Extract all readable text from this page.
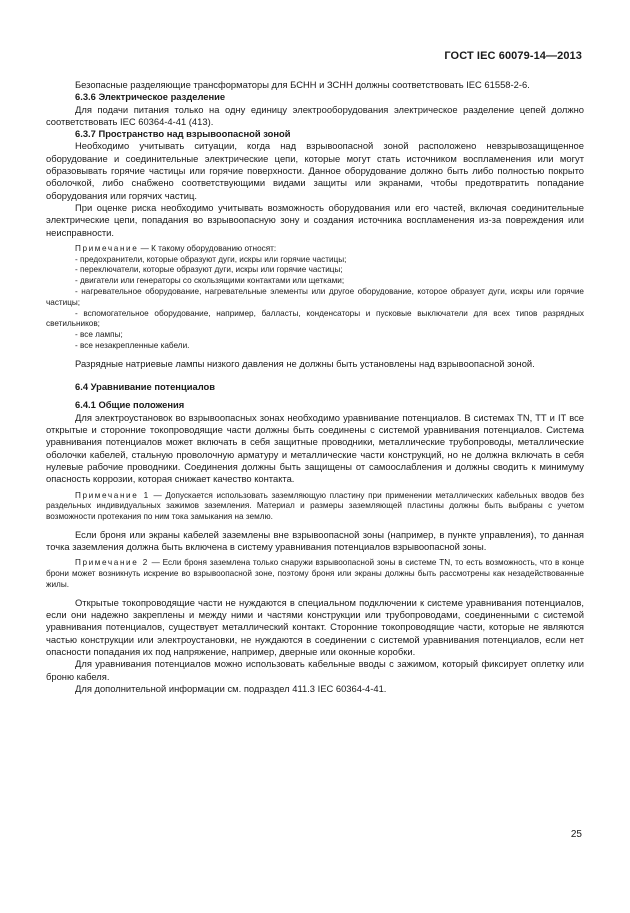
ГОСТ IEC 60079-14—2013

Безопасные разделяющие трансформаторы для БСНН и ЗСНН должны соответствовать IEC 61558-2-6.

6.3.6 Электрическое разделение

Для подачи питания только на одну единицу электрооборудования электрическое разделение цепей должно соответствовать IEC 60364-4-41 (413).

6.3.7 Пространство над взрывоопасной зоной

Необходимо учитывать ситуации, когда над взрывоопасной зоной расположено невзрывозащищенное оборудование и соединительные электрические цепи, которые могут стать источником воспламенения или могут образовывать горячие частицы или горячие поверхности. Данное оборудование должно быть либо полностью покрыто оболочкой, либо снабжено соответствующими видами защиты или экранами, чтобы предотвратить попадание оборудования или горячих частиц.

При оценке риска необходимо учитывать возможность оборудования или его частей, включая соединительные электрические цепи, попадания во взрывоопасную зону и создания источника воспламенения из-за повреждения или неисправности.

Примечание — К такому оборудованию относят:

- предохранители, которые образуют дуги, искры или горячие частицы;

- переключатели, которые образуют дуги, искры или горячие частицы;

- двигатели или генераторы со скользящими контактами или щетками;

- нагревательное оборудование, нагревательные элементы или другое оборудование, которое образует дуги, искры или горячие частицы;

- вспомогательное оборудование, например, балласты, конденсаторы и пусковые выключатели для всех типов разрядных светильников;

- все лампы;

- все незакрепленные кабели.

Разрядные натриевые лампы низкого давления не должны быть установлены над взрывоопасной зоной.

6.4 Уравнивание потенциалов

6.4.1 Общие положения

Для электроустановок во взрывоопасных зонах необходимо уравнивание потенциалов. В системах TN, TT и IT все открытые и сторонние токопроводящие части должны быть соединены с системой уравнивания потенциалов. Система уравнивания потенциалов может включать в себя защитные проводники, металлические трубопроводы, металлические оболочки кабелей, стальную проволочную арматуру и металлические части конструкций, но не должна включать в себя нулевые рабочие проводники. Соединения должны быть защищены от самоослабления и должны сводить к минимуму опасность коррозии, которая снижает качество контакта.

Примечание 1 — Допускается использовать заземляющую пластину при применении металлических кабельных вводов без раздельных индивидуальных зажимов заземления. Материал и размеры заземляющей пластины должны быть выбраны с учетом возможности протекания по ним тока замыкания на землю.

Если броня или экраны кабелей заземлены вне взрывоопасной зоны (например, в пункте управления), то данная точка заземления должна быть включена в систему уравнивания потенциалов взрывоопасной зоны.

Примечание 2 — Если броня заземлена только снаружи взрывоопасной зоны в системе TN, то есть возможность, что в конце брони может возникнуть искрение во взрывоопасной зоне, поэтому броня или экраны должны быть рассмотрены как незадействованные жилы.

Открытые токопроводящие части не нуждаются в специальном подключении к системе уравнивания потенциалов, если они надежно закреплены и между ними и частями конструкции или трубопроводами, соединенными с системой уравнивания потенциалов, существует металлический контакт. Сторонние токопроводящие части, которые не являются частью конструкции или электроустановки, не нуждаются в соединении с системой уравнивания потенциалов, если нет опасности попадания их под напряжение, например, дверные или оконные коробки.

Для уравнивания потенциалов можно использовать кабельные вводы с зажимом, который фиксирует оплетку или броню кабеля.

Для дополнительной информации см. подраздел 411.3 IEC 60364-4-41.

25
